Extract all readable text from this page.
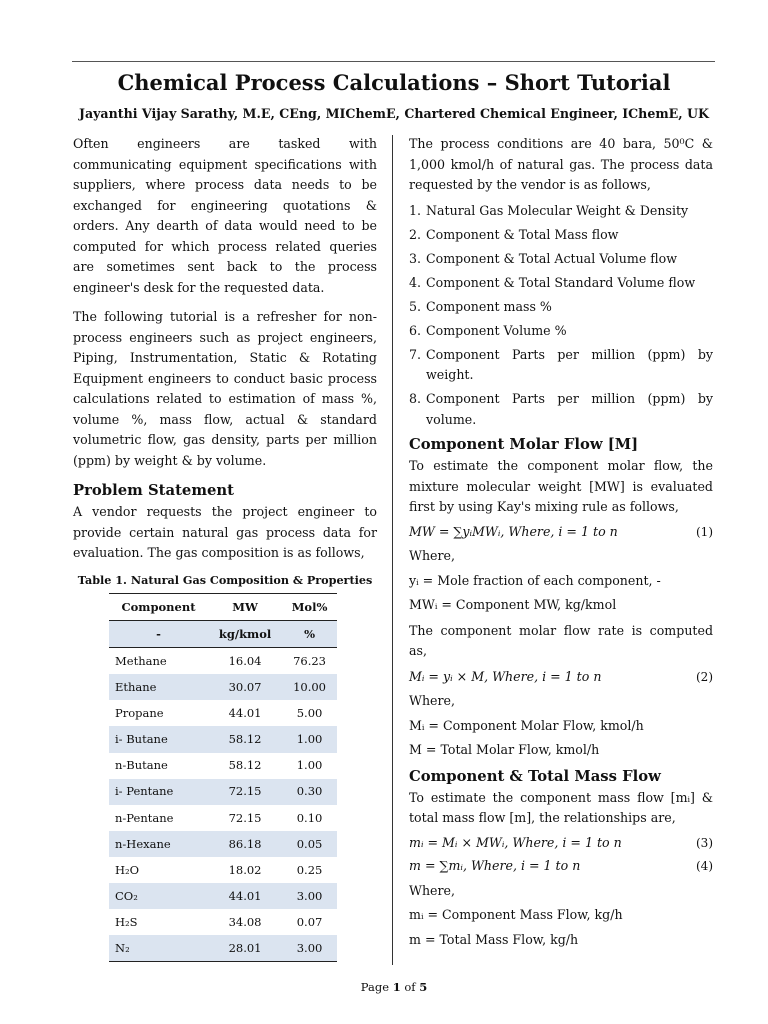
Chemical Process Calculations – Short Tutorial
Jayanthi Vijay Sarathy, M.E, CEng, MIChemE, Chartered Chemical Engineer, IChemE, UK

Often engineers are tasked with communicating equipment specifications with suppliers, where process data needs to be exchanged for engineering quotations & orders. Any dearth of data would need to be computed for which process related queries are sometimes sent back to the process engineer's desk for the requested data.

The following tutorial is a refresher for non-process engineers such as project engineers, Piping, Instrumentation, Static & Rotating Equipment engineers to conduct basic process calculations related to estimation of mass %, volume %, mass flow, actual & standard volumetric flow, gas density, parts per million (ppm) by weight & by volume.

Problem Statement

A vendor requests the project engineer to provide certain natural gas process data for evaluation. The gas composition is as follows,

Table 1. Natural Gas Composition & Properties

Component	MW	Mol%
-	kg/kmol	%
Methane	16.04	76.23
Ethane	30.07	10.00
Propane	44.01	5.00
i- Butane	58.12	1.00
n-Butane	58.12	1.00
i- Pentane	72.15	0.30
n-Pentane	72.15	0.10
n-Hexane	86.18	0.05
H₂O	18.02	0.25
CO₂	44.01	3.00
H₂S	34.08	0.07
N₂	28.01	3.00

The process conditions are 40 bara, 50⁰C & 1,000 kmol/h of natural gas. The process data requested by the vendor is as follows,

1. Natural Gas Molecular Weight & Density
2. Component & Total Mass flow
3. Component & Total Actual Volume flow
4. Component & Total Standard Volume flow
5. Component mass %
6. Component Volume %
7. Component Parts per million (ppm) by weight.
8. Component Parts per million (ppm) by volume.
Component Molar Flow [M]

To estimate the component molar flow, the mixture molecular weight [MW] is evaluated first by using Kay's mixing rule as follows,

MW = ∑yᵢMWᵢ, Where, i = 1 to n	(1)

Where,

yᵢ = Mole fraction of each component, -

MWᵢ = Component MW, kg/kmol

The component molar flow rate is computed as,

Mᵢ = yᵢ × M, Where, i = 1 to n	(2)

Where,

Mᵢ = Component Molar Flow, kmol/h

M = Total Molar Flow, kmol/h

Component & Total Mass Flow

To estimate the component mass flow [mᵢ] & total mass flow [m], the relationships are,

mᵢ = Mᵢ × MWᵢ, Where, i = 1 to n	(3)
m = ∑mᵢ, Where, i = 1 to n	(4)

Where,

mᵢ = Component Mass Flow, kg/h

m = Total Mass Flow, kg/h

Page 1 of 5
